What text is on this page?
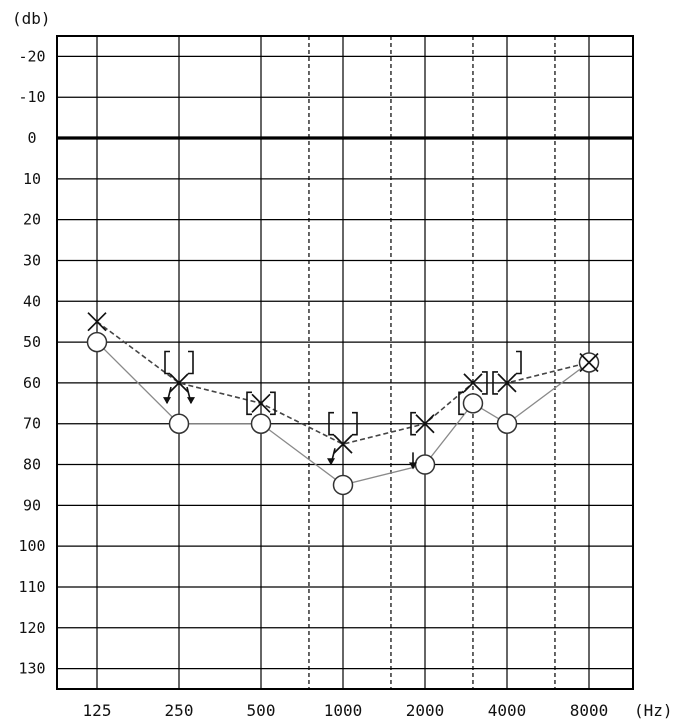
-20
-10
0
10
20
30
40
50
60
70
80
90
100
110
120
130
125	250	500	1000	2000	4000	8000
(db)
(Hz)
